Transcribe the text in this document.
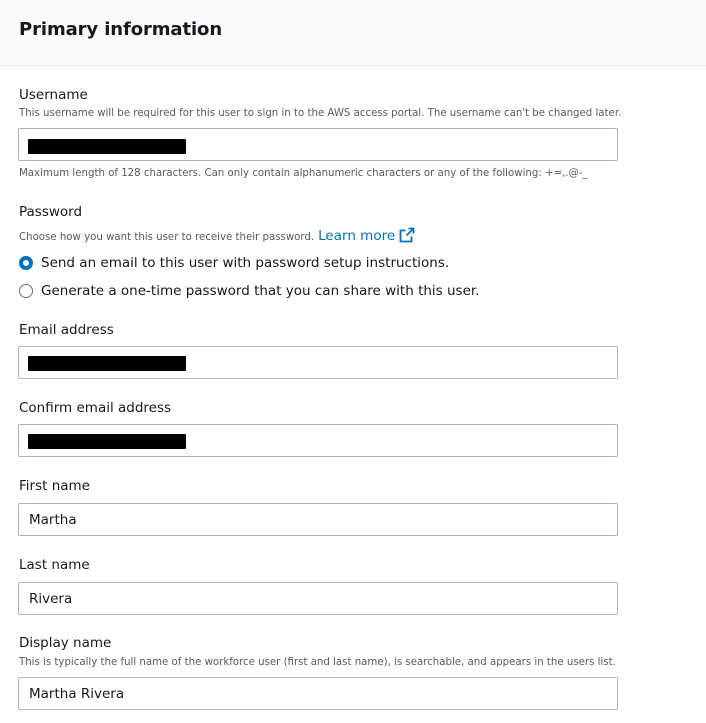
Primary information
Username
This username will be required for this user to sign in to the AWS access portal. The username can't be changed later.
Maximum length of 128 characters. Can only contain alphanumeric characters or any of the following: +=,.@-_
Password
Choose how you want this user to receive their password. Learn more
Send an email to this user with password setup instructions.
Generate a one-time password that you can share with this user.
Email address
Confirm email address
First name
Martha
Last name
Rivera
Display name
This is typically the full name of the workforce user (first and last name), is searchable, and appears in the users list.
Martha Rivera
